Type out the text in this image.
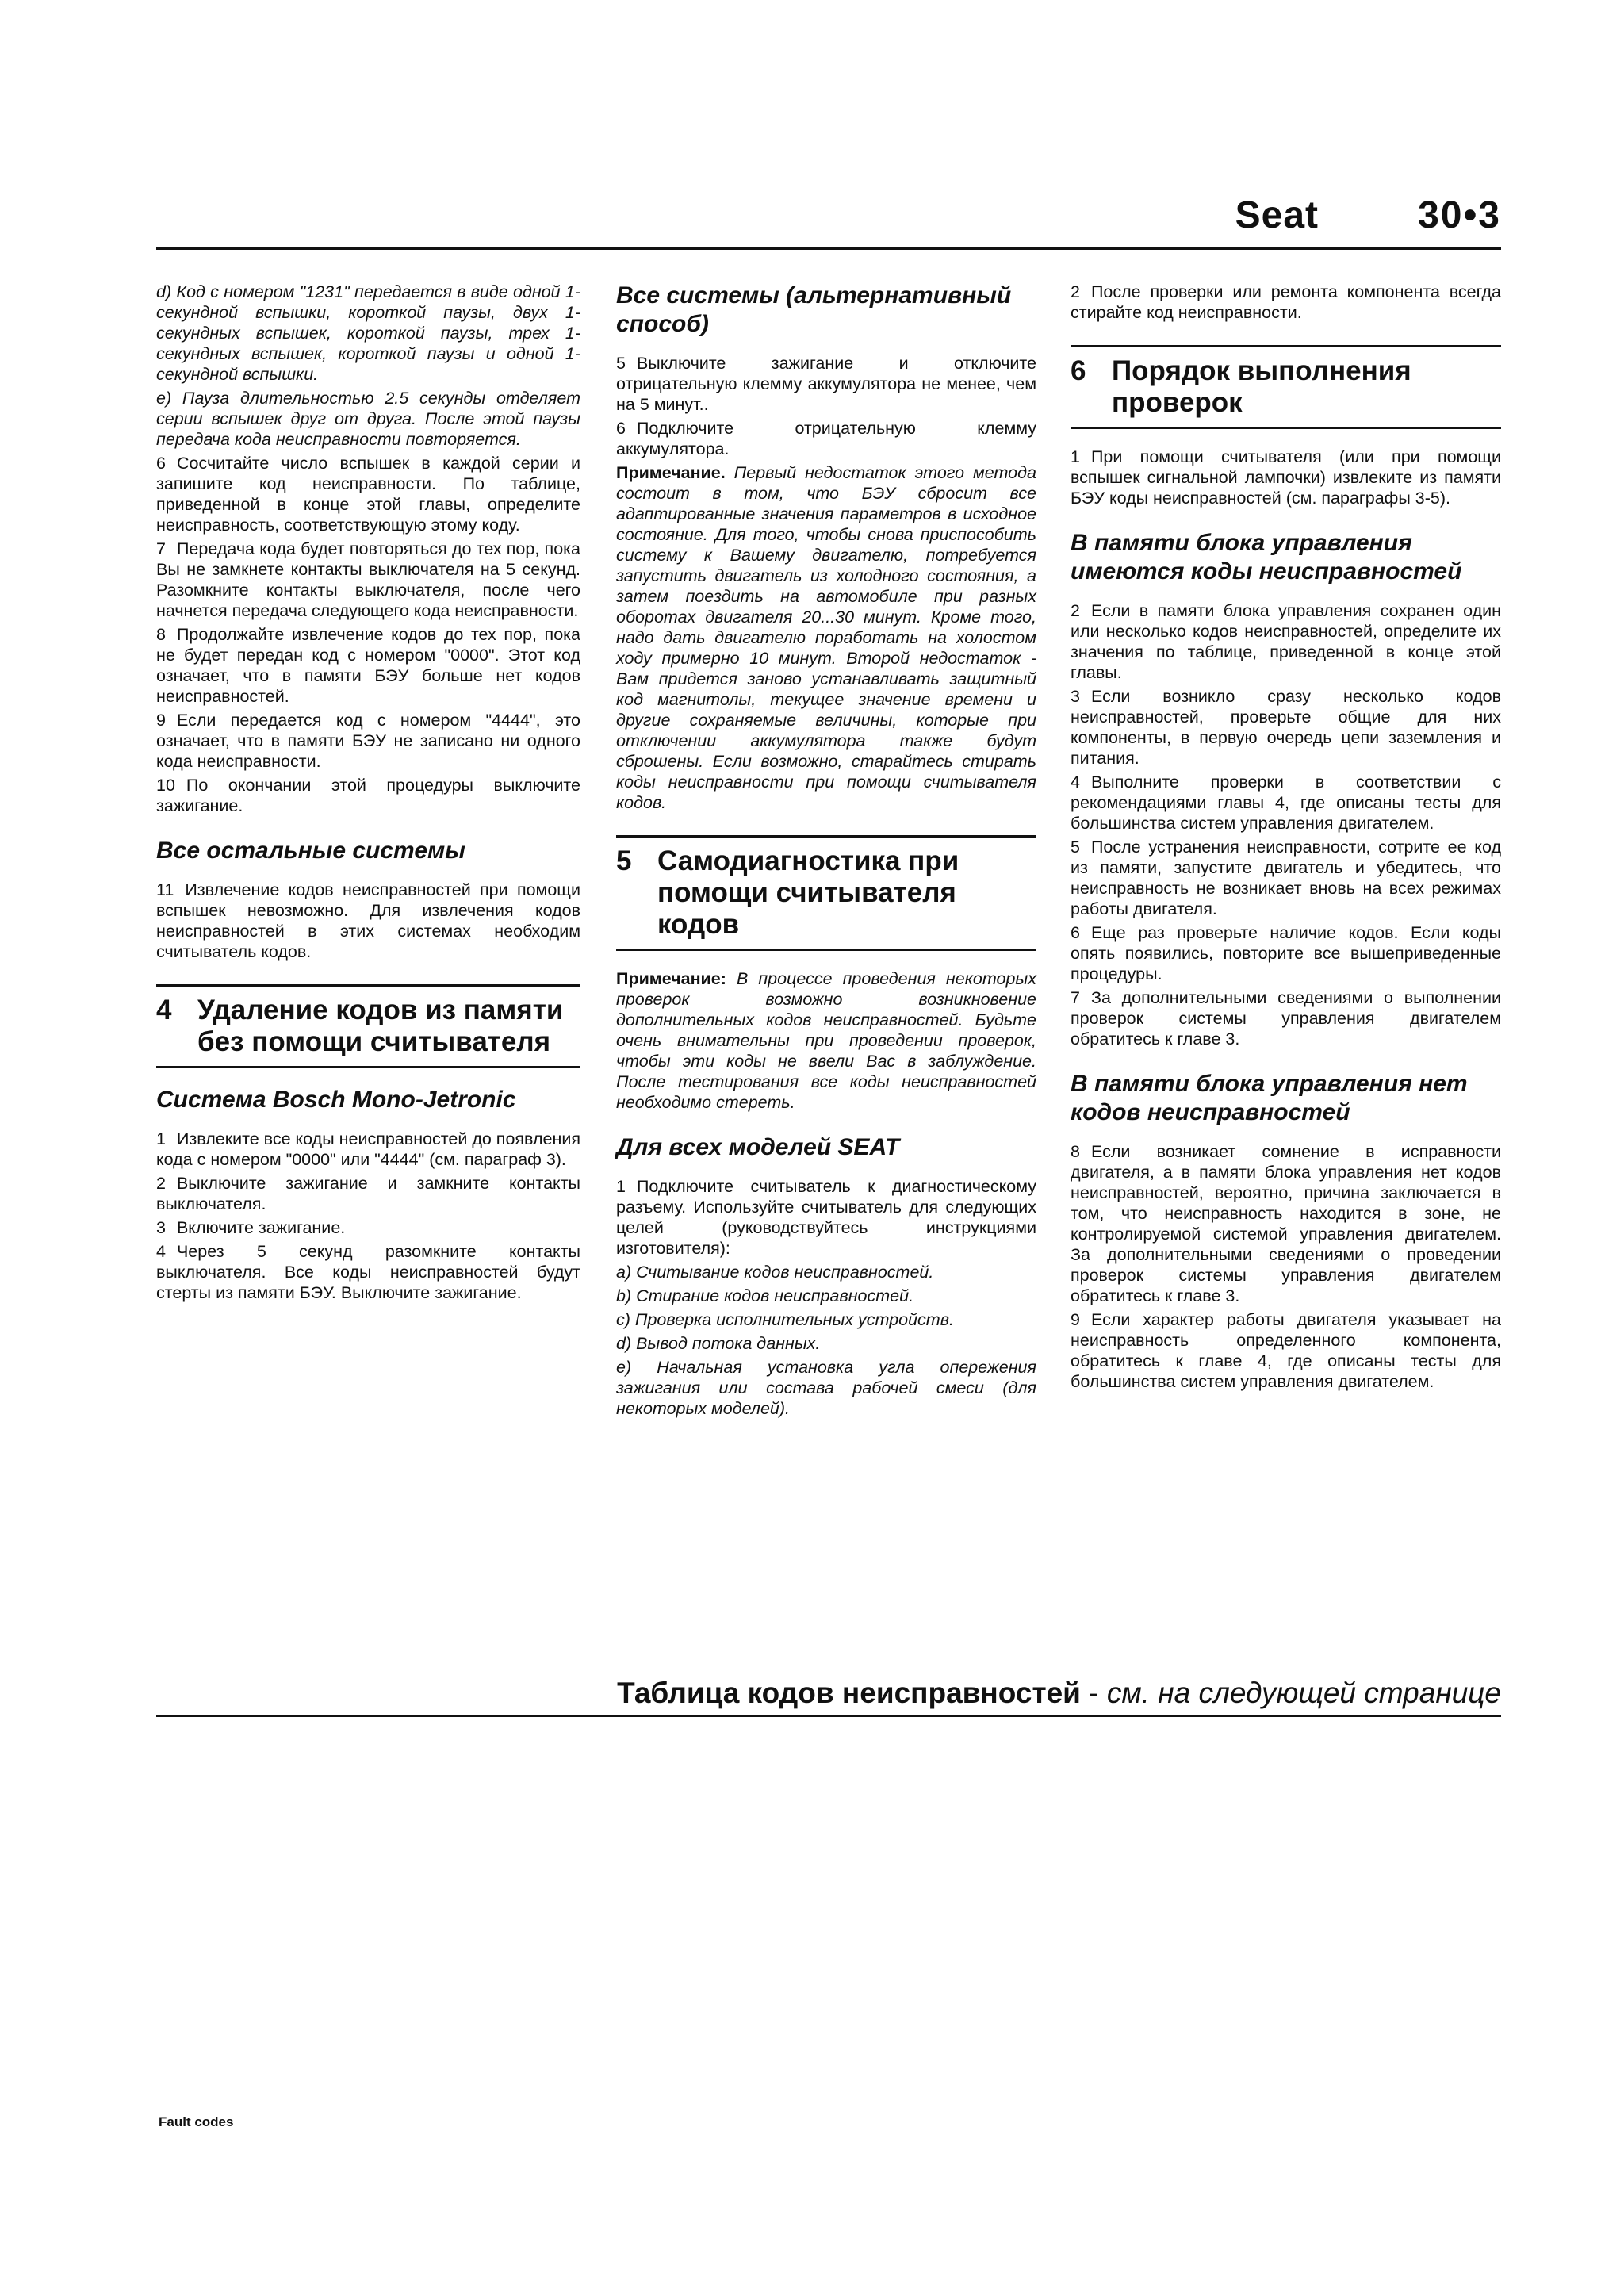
Seat	30•3

d) Код с номером "1231" передается в виде одной 1-секундной вспышки, короткой паузы, двух 1-секундных вспышек, короткой паузы, трех 1-секундных вспышек, короткой паузы и одной 1-секундной вспышки.

e) Пауза длительностью 2.5 секунды отделяет серии вспышек друг от друга. После этой паузы передача кода неисправности повторяется.

6 Сосчитайте число вспышек в каждой серии и запишите код неисправности. По таблице, приведенной в конце этой главы, определите неисправность, соответствующую этому коду.

7 Передача кода будет повторяться до тех пор, пока Вы не замкнете контакты выключателя на 5 секунд. Разомкните контакты выключателя, после чего начнется передача следующего кода неисправности.

8 Продолжайте извлечение кодов до тех пор, пока не будет передан код с номером "0000". Этот код означает, что в памяти БЭУ больше нет кодов неисправностей.

9 Если передается код с номером "4444", это означает, что в памяти БЭУ не записано ни одного кода неисправности.

10 По окончании этой процедуры выключите зажигание.

Все остальные системы

11 Извлечение кодов неисправностей при помощи вспышек невозможно. Для извлечения кодов неисправностей в этих системах необходим считыватель кодов.

4 Удаление кодов из памяти без помощи считывателя
Система Bosch Mono-Jetronic

1 Извлеките все коды неисправностей до появления кода с номером "0000" или "4444" (см. параграф 3).

2 Выключите зажигание и замкните контакты выключателя.

3 Включите зажигание.

4 Через 5 секунд разомкните контакты выключателя. Все коды неисправностей будут стерты из памяти БЭУ. Выключите зажигание.

Все системы (альтернативный способ)

5 Выключите зажигание и отключите отрицательную клемму аккумулятора не менее, чем на 5 минут..

6 Подключите отрицательную клемму аккумулятора.

Примечание. Первый недостаток этого метода состоит в том, что БЭУ сбросит все адаптированные значения параметров в исходное состояние. Для того, чтобы снова приспособить систему к Вашему двигателю, потребуется запустить двигатель из холодного состояния, а затем поездить на автомобиле при разных оборотах двигателя 20...30 минут. Кроме того, надо дать двигателю поработать на холостом ходу примерно 10 минут. Второй недостаток - Вам придется заново устанавливать защитный код магнитолы, текущее значение времени и другие сохраняемые величины, которые при отключении аккумулятора также будут сброшены. Если возможно, старайтесь стирать коды неисправности при помощи считывателя кодов.

5 Самодиагностика при помощи считывателя кодов

Примечание: В процессе проведения некоторых проверок возможно возникновение дополнительных кодов неисправностей. Будьте очень внимательны при проведении проверок, чтобы эти коды не ввели Вас в заблуждение. После тестирования все коды неисправностей необходимо стереть.

Для всех моделей SEAT

1 Подключите считыватель к диагностическому разъему. Используйте считыватель для следующих целей (руководствуйтесь инструкциями изготовителя):

a) Считывание кодов неисправностей.

b) Стирание кодов неисправностей.

c) Проверка исполнительных устройств.

d) Вывод потока данных.

e) Начальная установка угла опережения зажигания или состава рабочей смеси (для некоторых моделей).

2 После проверки или ремонта компонента всегда стирайте код неисправности.

6 Порядок выполнения проверок

1 При помощи считывателя (или при помощи вспышек сигнальной лампочки) извлеките из памяти БЭУ коды неисправностей (см. параграфы 3-5).

В памяти блока управления имеются коды неисправностей

2 Если в памяти блока управления сохранен один или несколько кодов неисправностей, определите их значения по таблице, приведенной в конце этой главы.

3 Если возникло сразу несколько кодов неисправностей, проверьте общие для них компоненты, в первую очередь цепи заземления и питания.

4 Выполните проверки в соответствии с рекомендациями главы 4, где описаны тесты для большинства систем управления двигателем.

5 После устранения неисправности, сотрите ее код из памяти, запустите двигатель и убедитесь, что неисправность не возникает вновь на всех режимах работы двигателя.

6 Еще раз проверьте наличие кодов. Если коды опять появились, повторите все вышеприведенные процедуры.

7 За дополнительными сведениями о выполнении проверок системы управления двигателем обратитесь к главе 3.

В памяти блока управления нет кодов неисправностей

8 Если возникает сомнение в исправности двигателя, а в памяти блока управления нет кодов неисправностей, вероятно, причина заключается в том, что неисправность находится в зоне, не контролируемой системой управления двигателем. За дополнительными сведениями о проведении проверок системы управления двигателем обратитесь к главе 3.

9 Если характер работы двигателя указывает на неисправность определенного компонента, обратитесь к главе 4, где описаны тесты для большинства систем управления двигателем.

Таблица кодов неисправностей - см. на следующей странице
Fault codes
